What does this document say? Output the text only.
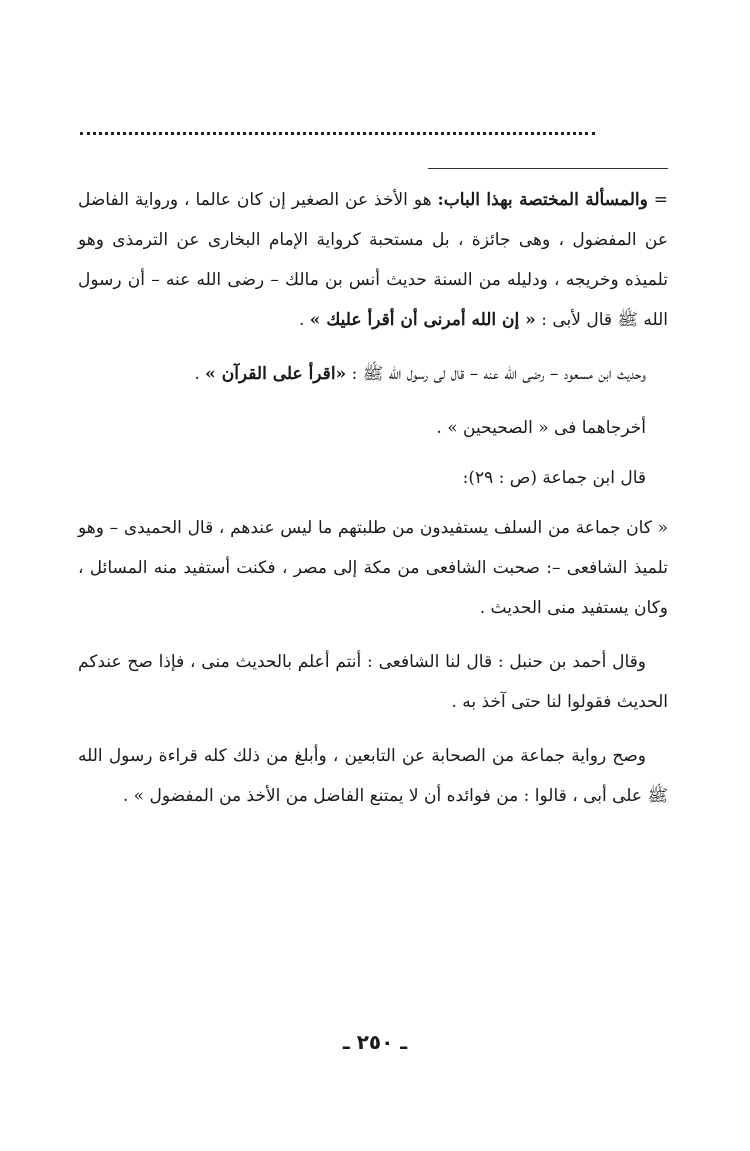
= والمسألة المختصة بهذا الباب: هو الأخذ عن الصغير إن كان عالما ، ورواية الفاضل عن المفضول ، وهى جائزة ، بل مستحبة كرواية الإمام البخارى عن الترمذى وهو تلميذه وخريجه ، ودليله من السنة حديث أنس بن مالك – رضى الله عنه – أن رسول الله ﷺ قال لأبى : « إن الله أمرنى أن أقرأ عليك » .

وحديث ابن مسعود – رضى الله عنه – قال لى رسول الله ﷺ : «اقرأ على القرآن » .

أخرجاهما فى « الصحيحين » .

قال ابن جماعة (ص : ٢٩):

« كان جماعة من السلف يستفيدون من طلبتهم ما ليس عندهم ، قال الحميدى – وهو تلميذ الشافعى –: صحبت الشافعى من مكة إلى مصر ، فكنت أستفيد منه المسائل ، وكان يستفيد منى الحديث .

وقال أحمد بن حنبل : قال لنا الشافعى : أنتم أعلم بالحديث منى ، فإذا صح عندكم الحديث فقولوا لنا حتى آخذ به .

وصح رواية جماعة من الصحابة عن التابعين ، وأبلغ من ذلك كله قراءة رسول الله ﷺ على أبى ، قالوا : من فوائده أن لا يمتنع الفاضل من الأخذ من المفضول » .

ـ ٢٥٠ ـ
